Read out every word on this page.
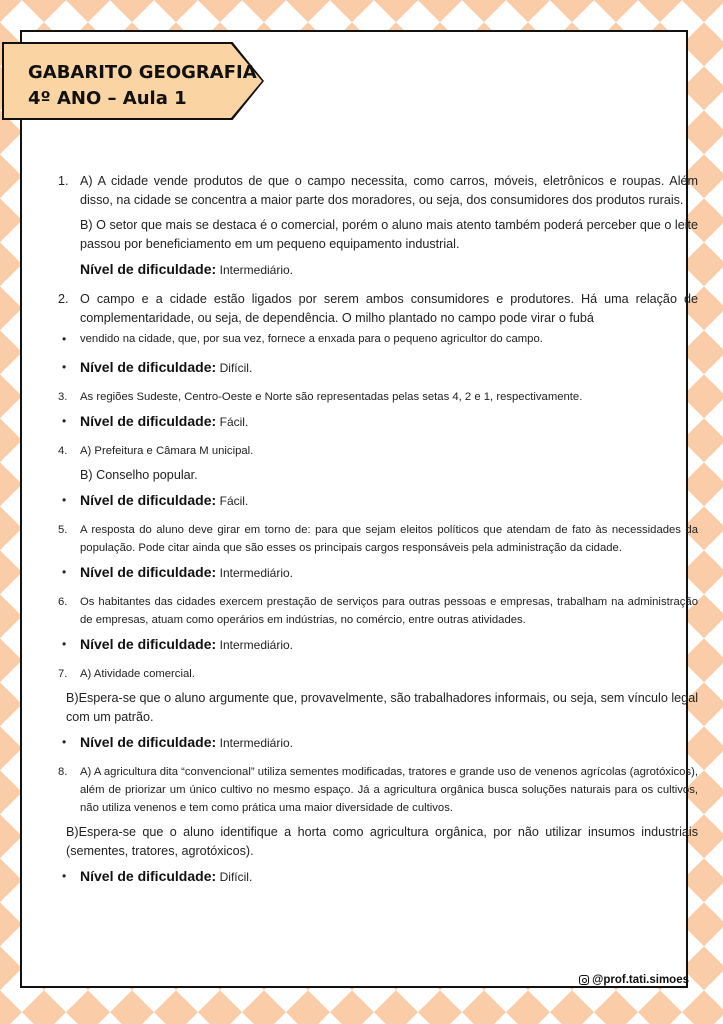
1. A) A cidade vende produtos de que o campo necessita, como carros, móveis, eletrônicos e roupas. Além disso, na cidade se concentra a maior parte dos moradores, ou seja, dos consumidores dos produtos rurais.
B) O setor que mais se destaca é o comercial, porém o aluno mais atento também poderá perceber que o leite passou por beneficiamento em um pequeno equipamento industrial.
Nível de dificuldade: Intermediário.
2. O campo e a cidade estão ligados por serem ambos consumidores e produtores. Há uma relação de complementaridade, ou seja, de dependência. O milho plantado no campo pode virar o fubá
•	vendido na cidade, que, por sua vez, fornece a enxada para o pequeno agricultor do campo.
• Nível de dificuldade: Difícil.
3.	As regiões Sudeste, Centro-Oeste e Norte são representadas pelas setas 4, 2 e 1, respectivamente.
• Nível de dificuldade: Fácil.
4.	A) Prefeitura e Câmara M unicipal.
B) Conselho popular.
• Nível de dificuldade: Fácil.
5.	A resposta do aluno deve girar em torno de: para que sejam eleitos políticos que atendam de fato às necessidades da população. Pode citar ainda que são esses os principais cargos responsáveis pela administração da cidade.
• Nível de dificuldade: Intermediário.
6.	Os habitantes das cidades exercem prestação de serviços para outras pessoas e empresas, trabalham na administração de empresas, atuam como operários em indústrias, no comércio, entre outras atividades.
• Nível de dificuldade: Intermediário.
7.	A) Atividade comercial.
B)Espera-se que o aluno argumente que, provavelmente, são trabalhadores informais, ou seja, sem vínculo legal com um patrão.
• Nível de dificuldade: Intermediário.
8.	A) A agricultura dita “convencional” utiliza sementes modificadas, tratores e grande uso de venenos agrícolas (agrotóxicos), além de priorizar um único cultivo no mesmo espaço. Já a agricultura orgânica busca soluções naturais para os cultivos, não utiliza venenos e tem como prática uma maior diversidade de cultivos.
B)Espera-se que o aluno identifique a horta como agricultura orgânica, por não utilizar insumos industriais (sementes, tratores, agrotóxicos).
• Nível de dificuldade: Difícil.
GABARITO GEOGRAFIA
4º ANO – Aula 1
@prof.tati.simoes
